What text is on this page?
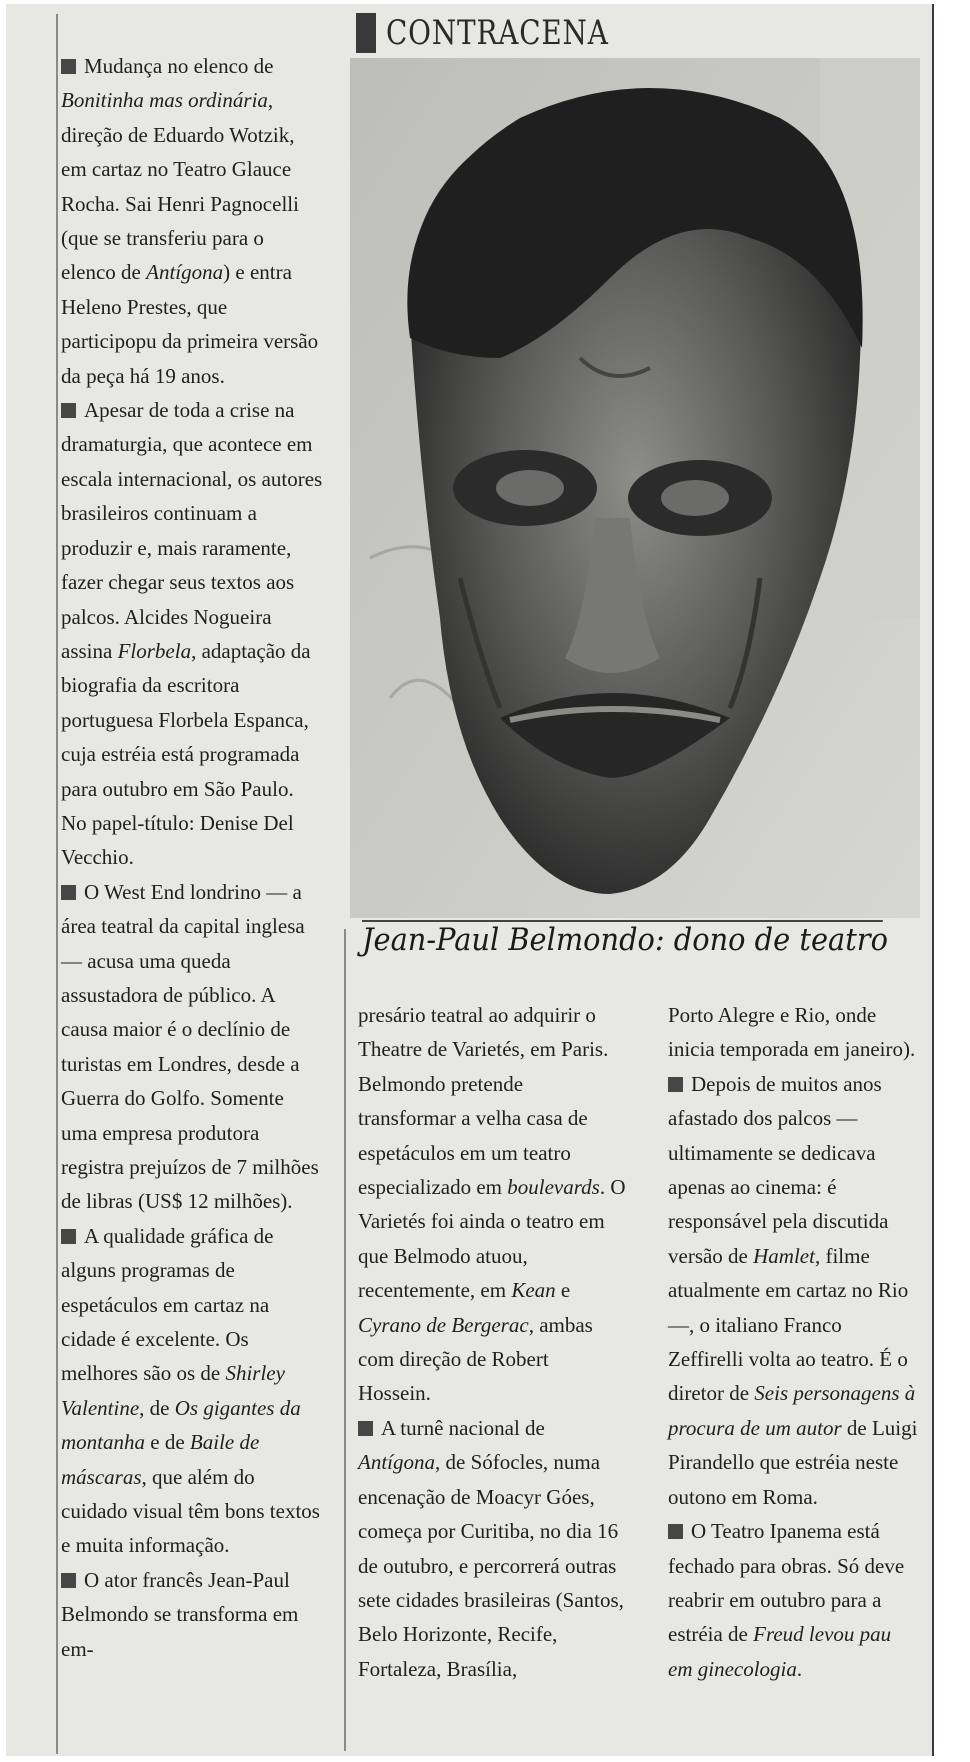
CONTRACENA
Jean-Paul Belmondo: dono de teatro

Mudança no elenco de Bonitinha mas ordinária, direção de Eduardo Wotzik, em cartaz no Teatro Glauce Rocha. Sai Henri Pagnocelli (que se transferiu para o elenco de Antígona) e entra Heleno Prestes, que participopu da primeira versão da peça há 19 anos.

Apesar de toda a crise na dramaturgia, que acontece em escala internacional, os autores brasileiros continuam a produzir e, mais raramente, fazer chegar seus textos aos palcos. Alcides Nogueira assina Florbela, adaptação da biografia da escritora portuguesa Florbela Espanca, cuja estréia está programada para outubro em São Paulo. No papel-título: Denise Del Vecchio.

O West End londrino — a área teatral da capital inglesa — acusa uma queda assustadora de público. A causa maior é o declínio de turistas em Londres, desde a Guerra do Golfo. Somente uma empresa produtora registra prejuízos de 7 milhões de libras (US$ 12 milhões).

A qualidade gráfica de alguns programas de espetáculos em cartaz na cidade é excelente. Os melhores são os de Shirley Valentine, de Os gigantes da montanha e de Baile de máscaras, que além do cuidado visual têm bons textos e muita informação.

O ator francês Jean-Paul Belmondo se transforma em em-

presário teatral ao adquirir o Theatre de Varietés, em Paris. Belmondo pretende transformar a velha casa de espetáculos em um teatro especializado em boulevards. O Varietés foi ainda o teatro em que Belmodo atuou, recentemente, em Kean e Cyrano de Bergerac, ambas com direção de Robert Hossein.

A turnê nacional de Antígona, de Sófocles, numa encenação de Moacyr Góes, começa por Curitiba, no dia 16 de outubro, e percorrerá outras sete cidades brasileiras (Santos, Belo Horizonte, Recife, Fortaleza, Brasília,

Porto Alegre e Rio, onde inicia temporada em janeiro).

Depois de muitos anos afastado dos palcos — ultimamente se dedicava apenas ao cinema: é responsável pela discutida versão de Hamlet, filme atualmente em cartaz no Rio —, o italiano Franco Zeffirelli volta ao teatro. É o diretor de Seis personagens à procura de um autor de Luigi Pirandello que estréia neste outono em Roma.

O Teatro Ipanema está fechado para obras. Só deve reabrir em outubro para a estréia de Freud levou pau em ginecologia.
